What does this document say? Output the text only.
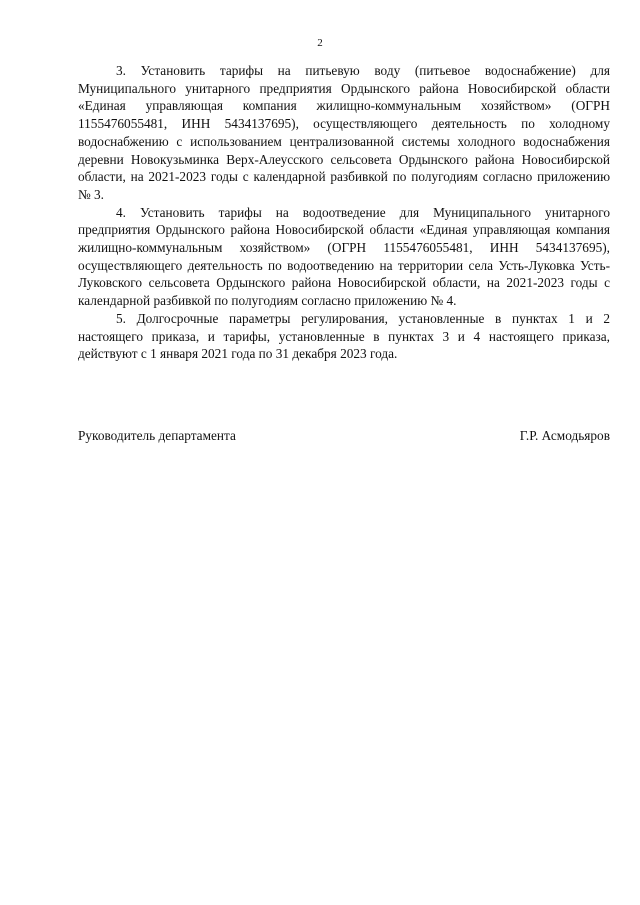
2

3. Установить тарифы на питьевую воду (питьевое водоснабжение) для Муниципального унитарного предприятия Ордынского района Новосибирской области «Единая управляющая компания жилищно-коммунальным хозяйством» (ОГРН 1155476055481, ИНН 5434137695), осуществляющего деятельность по холодному водоснабжению с использованием централизованной системы холодного водоснабжения деревни Новокузьминка Верх-Алеусского сельсовета Ордынского района Новосибирской области, на 2021-2023 годы с календарной разбивкой по полугодиям согласно приложению № 3.

4. Установить тарифы на водоотведение для Муниципального унитарного предприятия Ордынского района Новосибирской области «Единая управляющая компания жилищно-коммунальным хозяйством» (ОГРН 1155476055481, ИНН 5434137695), осуществляющего деятельность по водоотведению на территории села Усть-Луковка Усть-Луковского сельсовета Ордынского района Новосибирской области, на 2021-2023 годы с календарной разбивкой по полугодиям согласно приложению № 4.

5. Долгосрочные параметры регулирования, установленные в пунктах 1 и 2 настоящего приказа, и тарифы, установленные в пунктах 3 и 4 настоящего приказа, действуют с 1 января 2021 года по 31 декабря 2023 года.

Руководитель департамента	Г.Р. Асмодьяров
